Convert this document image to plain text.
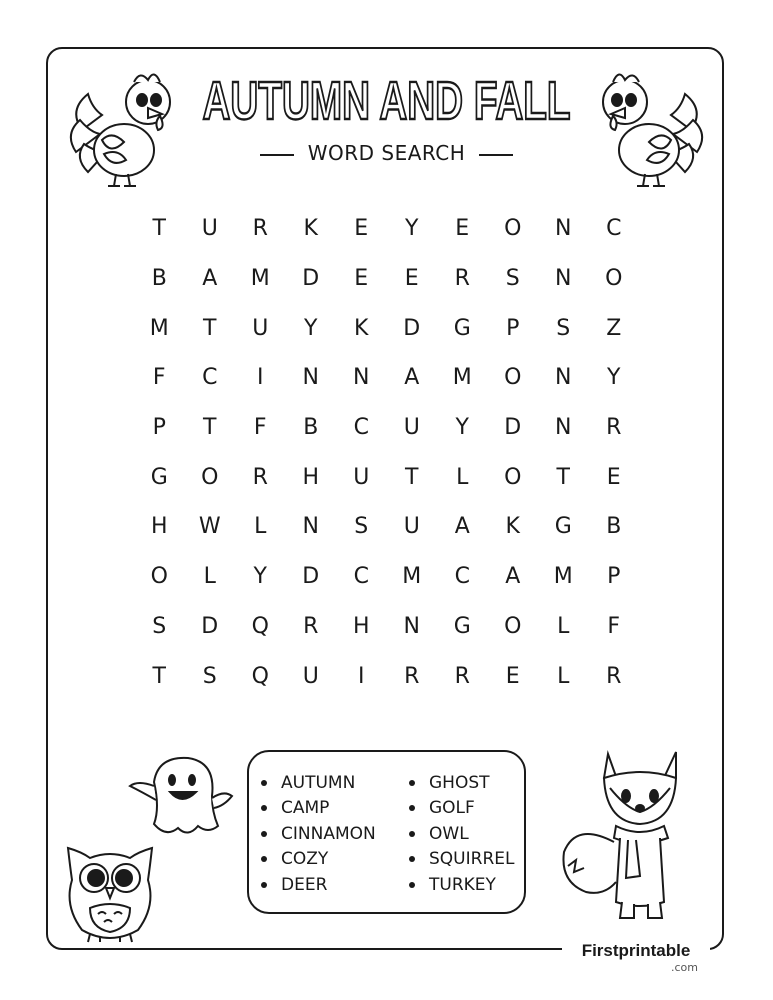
AUTUMN AND FALL
WORD SEARCH
T	U	R	K	E	Y	E	O	N	C
B	A	M	D	E	E	R	S	N	O
M	T	U	Y	K	D	G	P	S	Z
F	C	I	N	N	A	M	O	N	Y
P	T	F	B	C	U	Y	D	N	R
G	O	R	H	U	T	L	O	T	E
H	W	L	N	S	U	A	K	G	B
O	L	Y	D	C	M	C	A	M	P
S	D	Q	R	H	N	G	O	L	F
T	S	Q	U	I	R	R	E	L	R
AUTUMN
CAMP
CINNAMON
COZY
DEER
GHOST
GOLF
OWL
SQUIRREL
TURKEY
Firstprintable
.com
